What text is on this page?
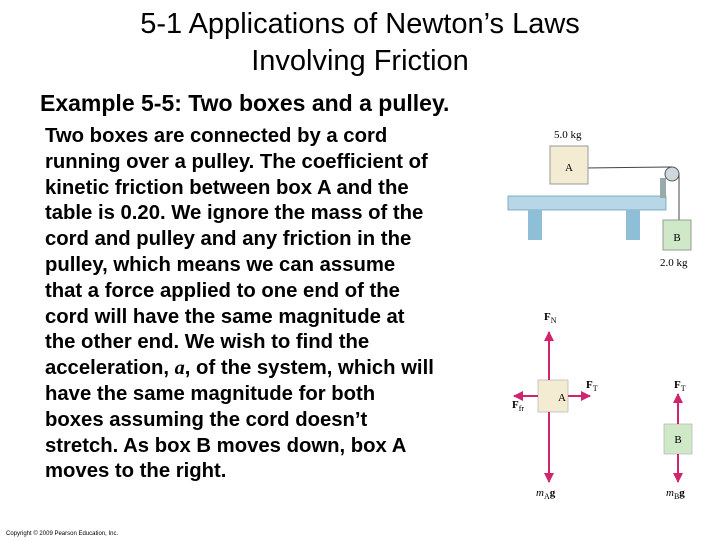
5-1 Applications of Newton’s Laws
Involving Friction
Example 5-5: Two boxes and a pulley.
Two boxes are connected by a cord
running over a pulley. The coefficient of
kinetic friction between box A and the
table is 0.20. We ignore the mass of the
cord and pulley and any friction in the
pulley, which means we can assume
that a force applied to one end of the
cord will have the same magnitude at
the other end. We wish to find the
acceleration, a, of the system, which will
have the same magnitude for both
boxes assuming the cord doesn’t
stretch. As box B moves down, box A
moves to the right.
Copyright © 2009 Pearson Education, Inc.
A
5.0 kg
B
2.0 kg
A
$F_N$
$F_{fr}$
$F_T$
$m_Ag$
B
$F_T$
$m_Bg$
